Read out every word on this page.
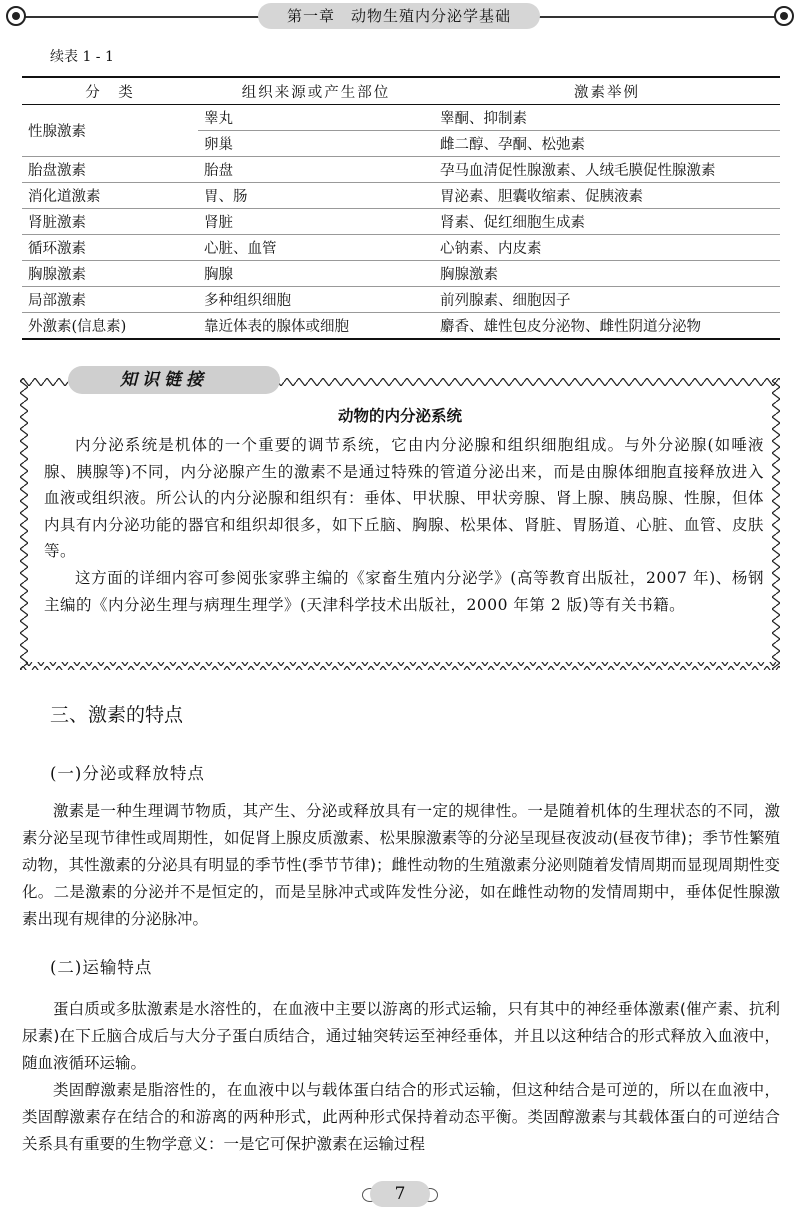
第一章　动物生殖内分泌学基础
续表 1 - 1
分　类	组织来源或产生部位	激素举例
性腺激素	睾丸	睾酮、抑制素
	卵巢	雌二醇、孕酮、松弛素
胎盘激素	胎盘	孕马血清促性腺激素、人绒毛膜促性腺激素
消化道激素	胃、肠	胃泌素、胆囊收缩素、促胰液素
肾脏激素	肾脏	肾素、促红细胞生成素
循环激素	心脏、血管	心钠素、内皮素
胸腺激素	胸腺	胸腺激素
局部激素	多种组织细胞	前列腺素、细胞因子
外激素(信息素)	靠近体表的腺体或细胞	麝香、雄性包皮分泌物、雌性阴道分泌物
知识链接
动物的内分泌系统
内分泌系统是机体的一个重要的调节系统，它由内分泌腺和组织细胞组成。与外分泌腺(如唾液腺、胰腺等)不同，内分泌腺产生的激素不是通过特殊的管道分泌出来，而是由腺体细胞直接释放进入血液或组织液。所公认的内分泌腺和组织有：垂体、甲状腺、甲状旁腺、肾上腺、胰岛腺、性腺，但体内具有内分泌功能的器官和组织却很多，如下丘脑、胸腺、松果体、肾脏、胃肠道、心脏、血管、皮肤等。
这方面的详细内容可参阅张家骅主编的《家畜生殖内分泌学》(高等教育出版社，2007 年)、杨钢主编的《内分泌生理与病理生理学》(天津科学技术出版社，2000 年第 2 版)等有关书籍。
三、激素的特点
(一)分泌或释放特点
激素是一种生理调节物质，其产生、分泌或释放具有一定的规律性。一是随着机体的生理状态的不同，激素分泌呈现节律性或周期性，如促肾上腺皮质激素、松果腺激素等的分泌呈现昼夜波动(昼夜节律)；季节性繁殖动物，其性激素的分泌具有明显的季节性(季节节律)；雌性动物的生殖激素分泌则随着发情周期而显现周期性变化。二是激素的分泌并不是恒定的，而是呈脉冲式或阵发性分泌，如在雌性动物的发情周期中，垂体促性腺激素出现有规律的分泌脉冲。
(二)运输特点
蛋白质或多肽激素是水溶性的，在血液中主要以游离的形式运输，只有其中的神经垂体激素(催产素、抗利尿素)在下丘脑合成后与大分子蛋白质结合，通过轴突转运至神经垂体，并且以这种结合的形式释放入血液中，随血液循环运输。
类固醇激素是脂溶性的，在血液中以与载体蛋白结合的形式运输，但这种结合是可逆的，所以在血液中，类固醇激素存在结合的和游离的两种形式，此两种形式保持着动态平衡。类固醇激素与其载体蛋白的可逆结合关系具有重要的生物学意义：一是它可保护激素在运输过程
7
